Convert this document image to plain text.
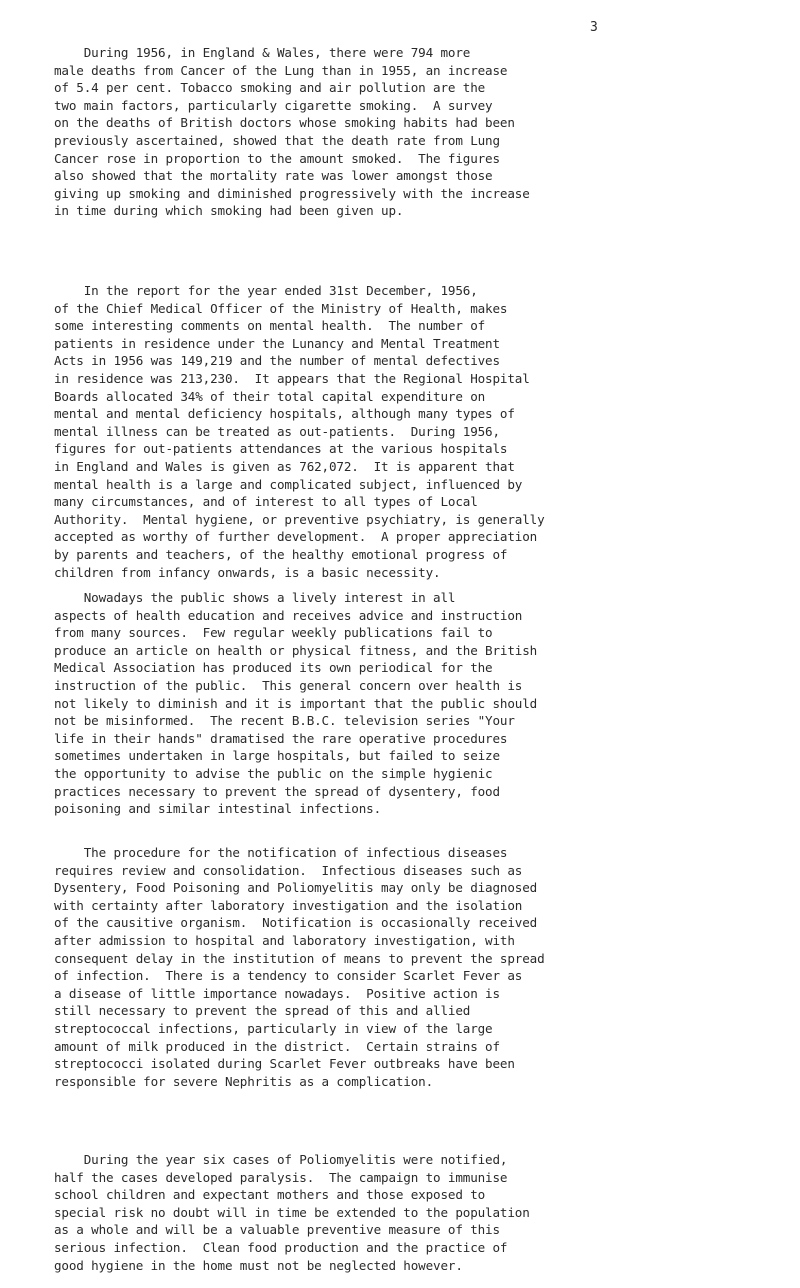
3
During 1956, in England & Wales, there were 794 more
male deaths from Cancer of the Lung than in 1955, an increase
of 5.4 per cent. Tobacco smoking and air pollution are the
two main factors, particularly cigarette smoking.  A survey
on the deaths of British doctors whose smoking habits had been
previously ascertained, showed that the death rate from Lung
Cancer rose in proportion to the amount smoked.  The figures
also showed that the mortality rate was lower amongst those
giving up smoking and diminished progressively with the increase
in time during which smoking had been given up.
In the report for the year ended 31st December, 1956,
of the Chief Medical Officer of the Ministry of Health, makes
some interesting comments on mental health.  The number of
patients in residence under the Lunancy and Mental Treatment
Acts in 1956 was 149,219 and the number of mental defectives
in residence was 213,230.  It appears that the Regional Hospital
Boards allocated 34% of their total capital expenditure on
mental and mental deficiency hospitals, although many types of
mental illness can be treated as out-patients.  During 1956,
figures for out-patients attendances at the various hospitals
in England and Wales is given as 762,072.  It is apparent that
mental health is a large and complicated subject, influenced by
many circumstances, and of interest to all types of Local
Authority.  Mental hygiene, or preventive psychiatry, is generally
accepted as worthy of further development.  A proper appreciation
by parents and teachers, of the healthy emotional progress of
children from infancy onwards, is a basic necessity.
Nowadays the public shows a lively interest in all
aspects of health education and receives advice and instruction
from many sources.  Few regular weekly publications fail to
produce an article on health or physical fitness, and the British
Medical Association has produced its own periodical for the
instruction of the public.  This general concern over health is
not likely to diminish and it is important that the public should
not be misinformed.  The recent B.B.C. television series "Your
life in their hands" dramatised the rare operative procedures
sometimes undertaken in large hospitals, but failed to seize
the opportunity to advise the public on the simple hygienic
practices necessary to prevent the spread of dysentery, food
poisoning and similar intestinal infections.
The procedure for the notification of infectious diseases
requires review and consolidation.  Infectious diseases such as
Dysentery, Food Poisoning and Poliomyelitis may only be diagnosed
with certainty after laboratory investigation and the isolation
of the causitive organism.  Notification is occasionally received
after admission to hospital and laboratory investigation, with
consequent delay in the institution of means to prevent the spread
of infection.  There is a tendency to consider Scarlet Fever as
a disease of little importance nowadays.  Positive action is
still necessary to prevent the spread of this and allied
streptococcal infections, particularly in view of the large
amount of milk produced in the district.  Certain strains of
streptococci isolated during Scarlet Fever outbreaks have been
responsible for severe Nephritis as a complication.
During the year six cases of Poliomyelitis were notified,
half the cases developed paralysis.  The campaign to immunise
school children and expectant mothers and those exposed to
special risk no doubt will in time be extended to the population
as a whole and will be a valuable preventive measure of this
serious infection.  Clean food production and the practice of
good hygiene in the home must not be neglected however.
